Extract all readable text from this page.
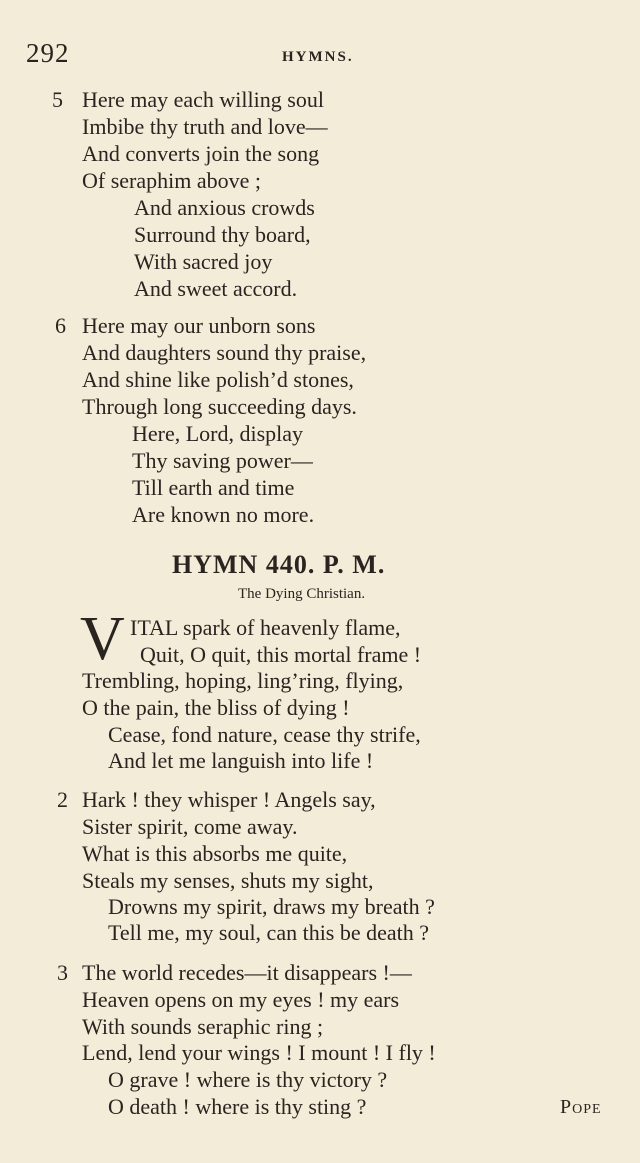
292	HYMNS.
5 Here may each willing soul
Imbibe thy truth and love—
And converts join the song
Of seraphim above ;
And anxious crowds
Surround thy board,
With sacred joy
And sweet accord.
6 Here may our unborn sons
And daughters sound thy praise,
And shine like polish’d stones,
Through long succeeding days.
Here, Lord, display
Thy saving power—
Till earth and time
Are known no more.
HYMN 440. P. M.
The Dying Christian.
V ITAL spark of heavenly flame,
Quit, O quit, this mortal frame !
Trembling, hoping, ling’ring, flying,
O the pain, the bliss of dying !
Cease, fond nature, cease thy strife,
And let me languish into life !
2 Hark ! they whisper ! Angels say,
Sister spirit, come away.
What is this absorbs me quite,
Steals my senses, shuts my sight,
Drowns my spirit, draws my breath ?
Tell me, my soul, can this be death ?
3 The world recedes—it disappears !—
Heaven opens on my eyes ! my ears
With sounds seraphic ring ;
Lend, lend your wings ! I mount ! I fly !
O grave ! where is thy victory ?
O death ! where is thy sting ?	Pope
